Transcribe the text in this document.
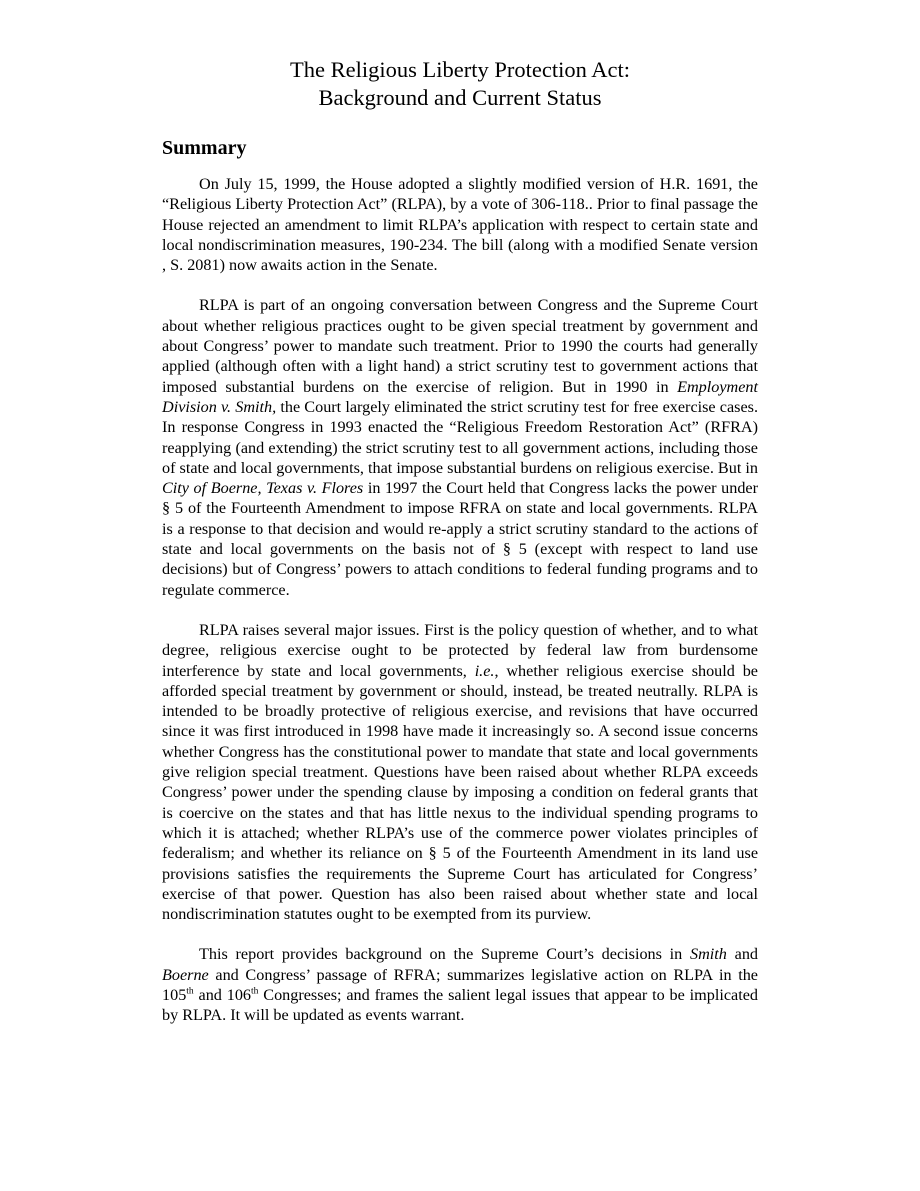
The Religious Liberty Protection Act:
Background and Current Status
Summary

On July 15, 1999, the House adopted a slightly modified version of H.R. 1691, the “Religious Liberty Protection Act” (RLPA), by a vote of 306-118.. Prior to final passage the House rejected an amendment to limit RLPA’s application with respect to certain state and local nondiscrimination measures, 190-234. The bill (along with a modified Senate version , S. 2081) now awaits action in the Senate.

RLPA is part of an ongoing conversation between Congress and the Supreme Court about whether religious practices ought to be given special treatment by government and about Congress’ power to mandate such treatment. Prior to 1990 the courts had generally applied (although often with a light hand) a strict scrutiny test to government actions that imposed substantial burdens on the exercise of religion. But in 1990 in Employment Division v. Smith, the Court largely eliminated the strict scrutiny test for free exercise cases. In response Congress in 1993 enacted the “Religious Freedom Restoration Act” (RFRA) reapplying (and extending) the strict scrutiny test to all government actions, including those of state and local governments, that impose substantial burdens on religious exercise. But in City of Boerne, Texas v. Flores in 1997 the Court held that Congress lacks the power under § 5 of the Fourteenth Amendment to impose RFRA on state and local governments. RLPA is a response to that decision and would re-apply a strict scrutiny standard to the actions of state and local governments on the basis not of § 5 (except with respect to land use decisions) but of Congress’ powers to attach conditions to federal funding programs and to regulate commerce.

RLPA raises several major issues. First is the policy question of whether, and to what degree, religious exercise ought to be protected by federal law from burdensome interference by state and local governments, i.e., whether religious exercise should be afforded special treatment by government or should, instead, be treated neutrally. RLPA is intended to be broadly protective of religious exercise, and revisions that have occurred since it was first introduced in 1998 have made it increasingly so. A second issue concerns whether Congress has the constitutional power to mandate that state and local governments give religion special treatment. Questions have been raised about whether RLPA exceeds Congress’ power under the spending clause by imposing a condition on federal grants that is coercive on the states and that has little nexus to the individual spending programs to which it is attached; whether RLPA’s use of the commerce power violates principles of federalism; and whether its reliance on § 5 of the Fourteenth Amendment in its land use provisions satisfies the requirements the Supreme Court has articulated for Congress’ exercise of that power. Question has also been raised about whether state and local nondiscrimination statutes ought to be exempted from its purview.

This report provides background on the Supreme Court’s decisions in Smith and Boerne and Congress’ passage of RFRA; summarizes legislative action on RLPA in the 105th and 106th Congresses; and frames the salient legal issues that appear to be implicated by RLPA. It will be updated as events warrant.
